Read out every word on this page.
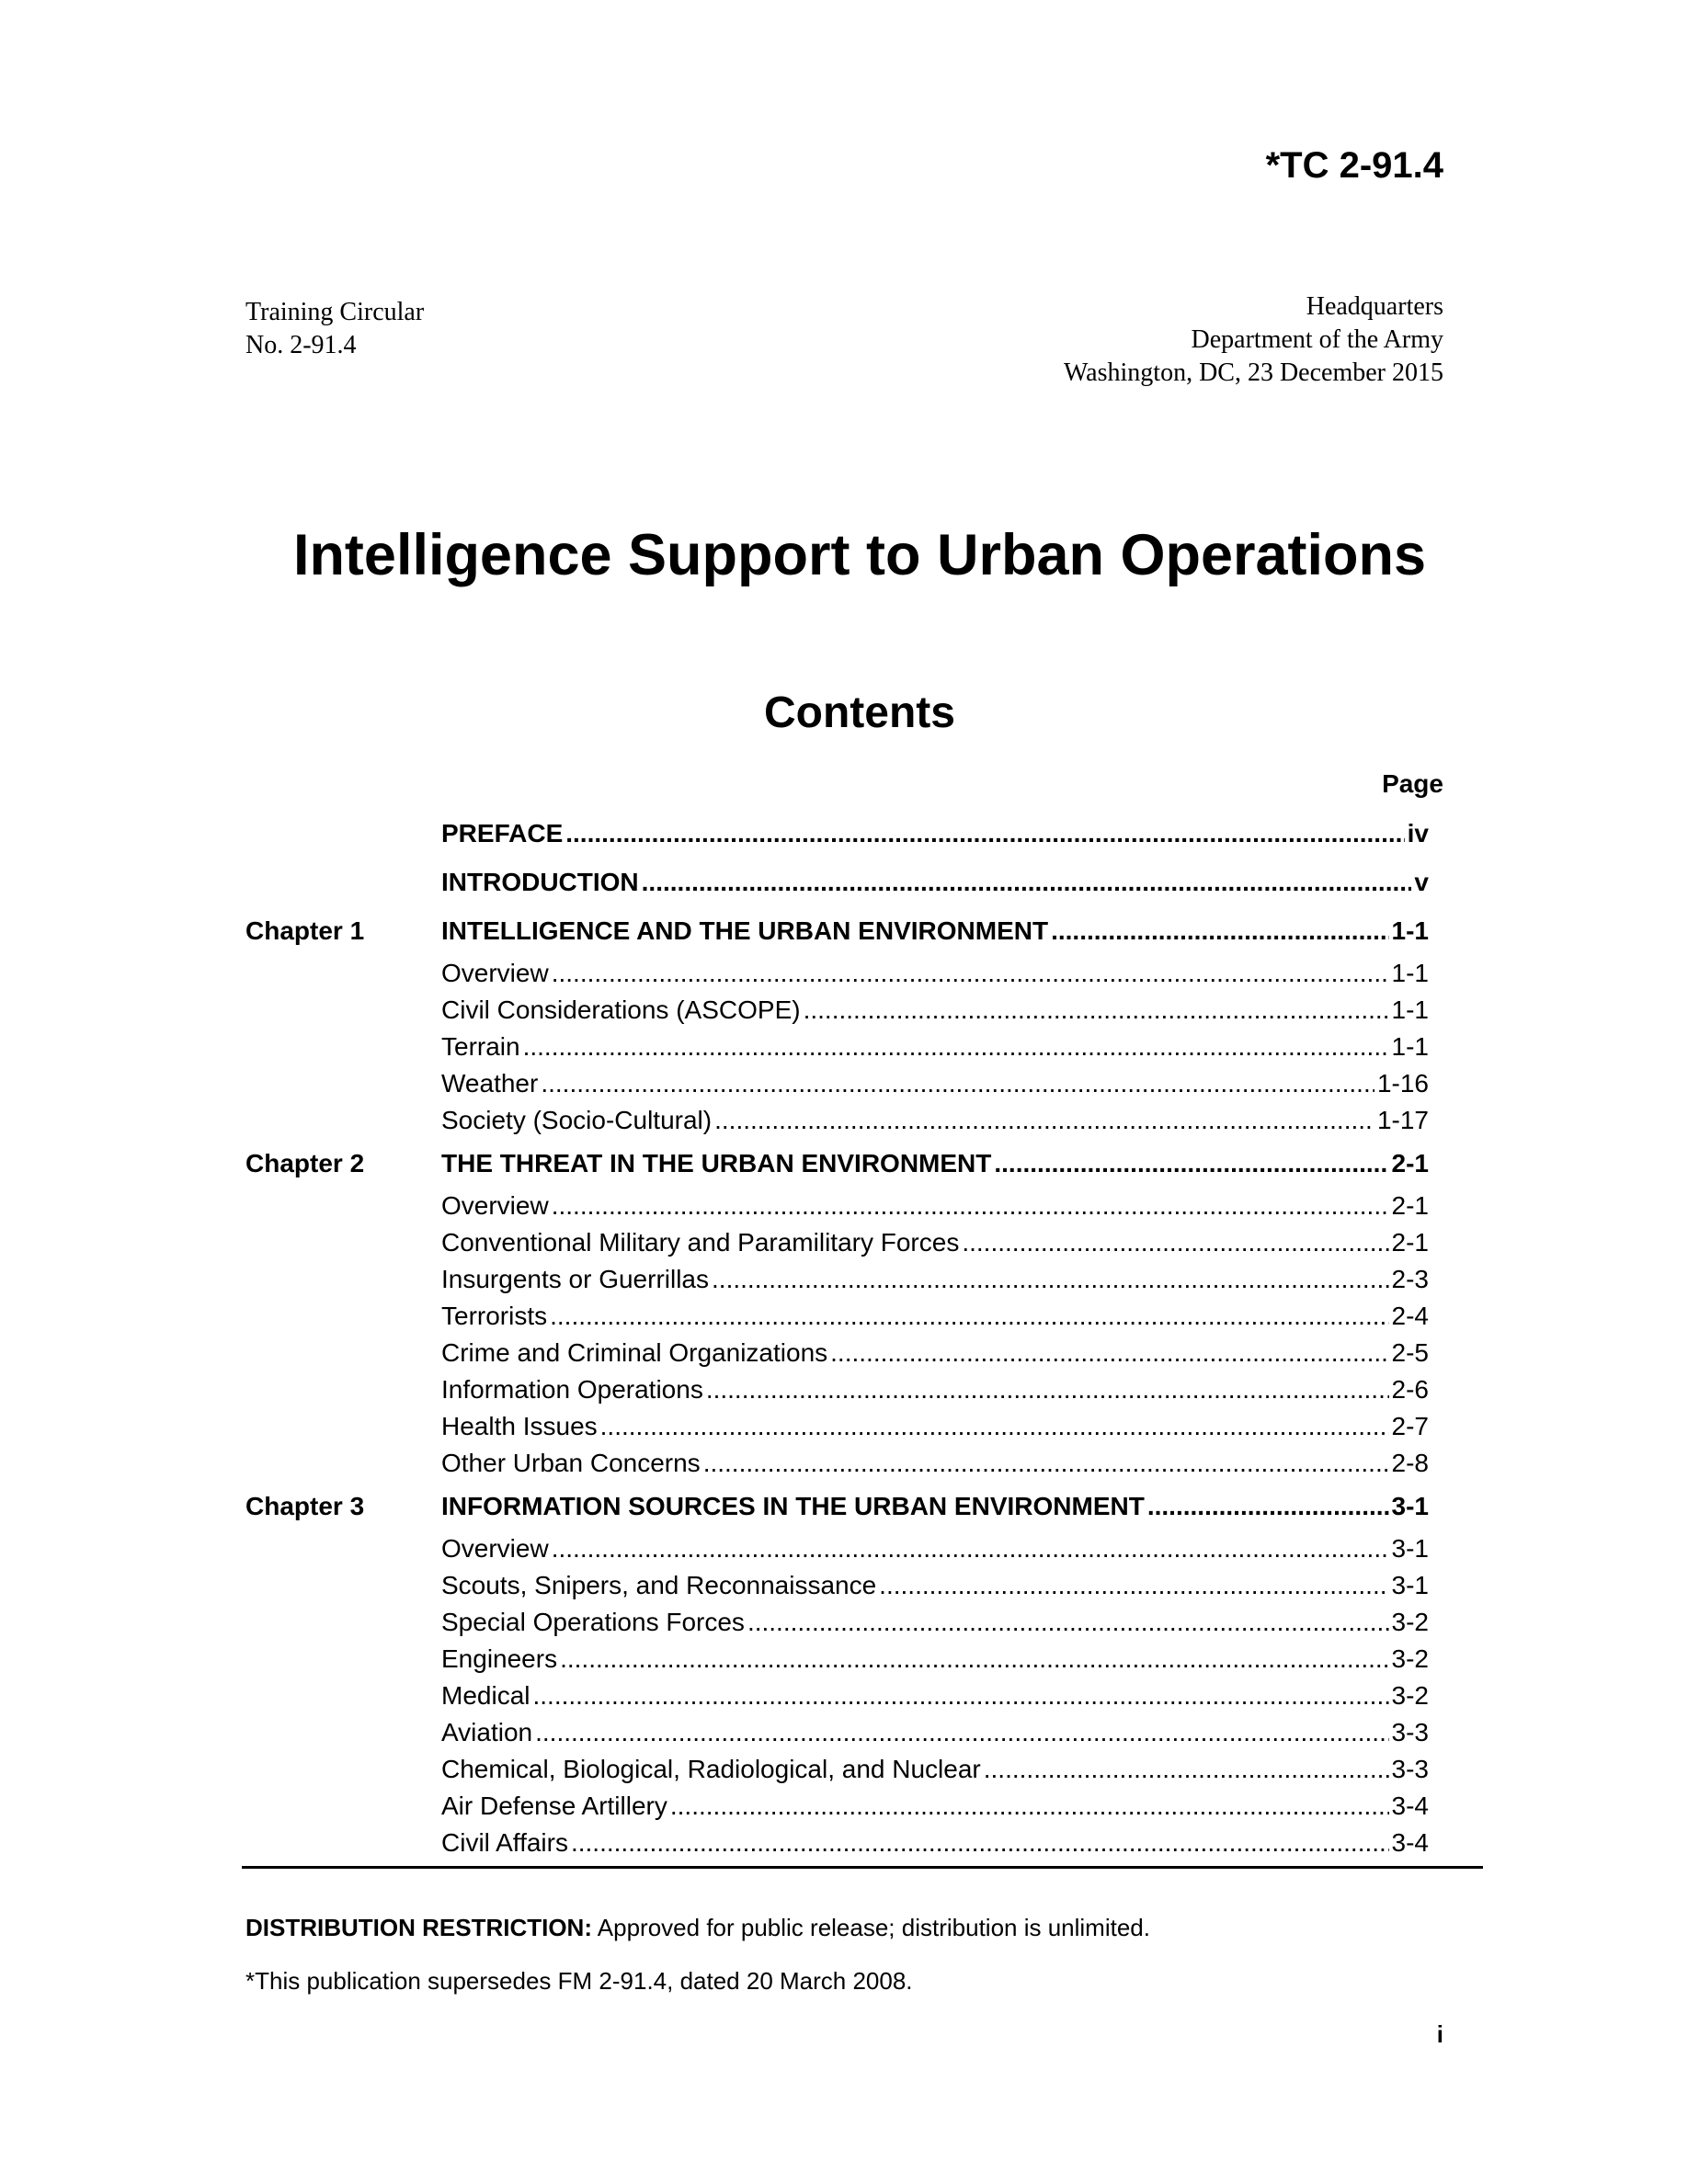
*TC 2-91.4
Training Circular
No. 2-91.4
Headquarters
Department of the Army
Washington, DC, 23 December 2015
Intelligence Support to Urban Operations
Contents
Page
PREFACE .....	iv
INTRODUCTION .....	v
Chapter 1	INTELLIGENCE AND THE URBAN ENVIRONMENT .....	1-1
Overview .....	1-1
Civil Considerations (ASCOPE) .....	1-1
Terrain .....	1-1
Weather .....	1-16
Society (Socio-Cultural) .....	1-17
Chapter 2	THE THREAT IN THE URBAN ENVIRONMENT .....	2-1
Overview .....	2-1
Conventional Military and Paramilitary Forces .....	2-1
Insurgents or Guerrillas .....	2-3
Terrorists .....	2-4
Crime and Criminal Organizations .....	2-5
Information Operations .....	2-6
Health Issues .....	2-7
Other Urban Concerns .....	2-8
Chapter 3	INFORMATION SOURCES IN THE URBAN ENVIRONMENT .....	3-1
Overview .....	3-1
Scouts, Snipers, and Reconnaissance .....	3-1
Special Operations Forces .....	3-2
Engineers .....	3-2
Medical .....	3-2
Aviation .....	3-3
Chemical, Biological, Radiological, and Nuclear .....	3-3
Air Defense Artillery .....	3-4
Civil Affairs .....	3-4
DISTRIBUTION RESTRICTION: Approved for public release; distribution is unlimited.
*This publication supersedes FM 2-91.4, dated 20 March 2008.
i
